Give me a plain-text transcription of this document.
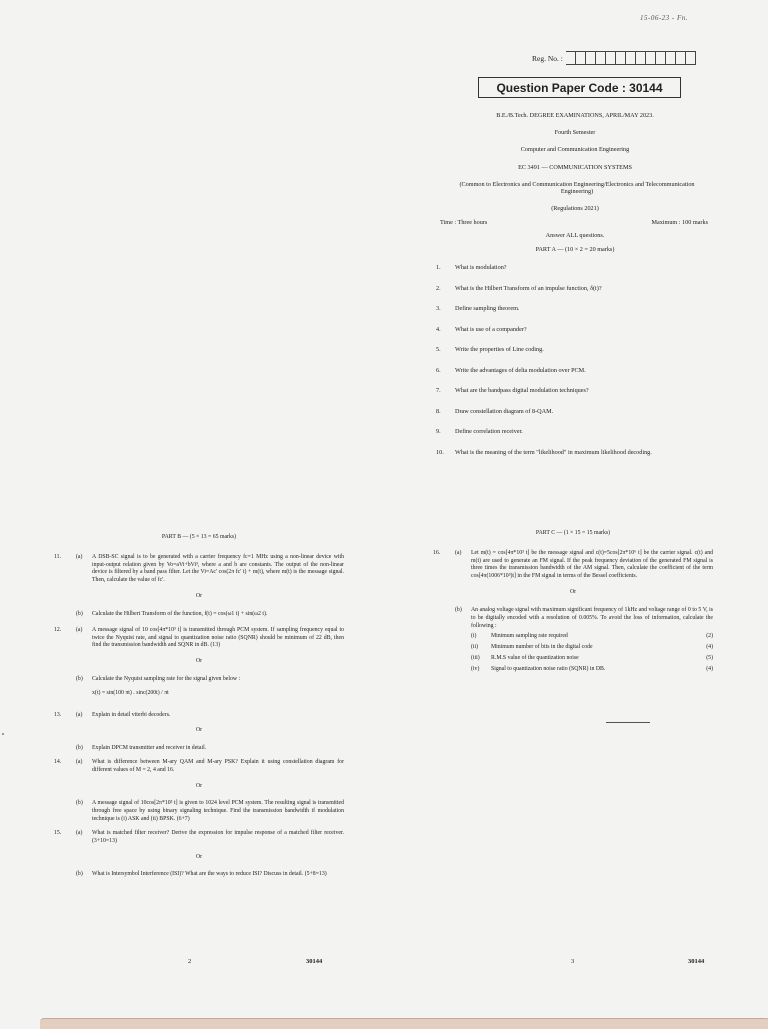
15-06-23 - Fn.
Reg. No. :
Question Paper Code : 30144
B.E./B.Tech. DEGREE EXAMINATIONS, APRIL/MAY 2023.
Fourth Semester
Computer and Communication Engineering
EC 3491 — COMMUNICATION SYSTEMS
(Common to Electronics and Communication Engineering/Electronics and Telecommunication Engineering)
(Regulations 2021)
Time : Three hours	Maximum : 100 marks
Answer ALL questions.
PART A — (10 × 2 = 20 marks)
1.	What is modulation?
2.	What is the Hilbert Transform of an impulse function, δ(t)?
3.	Define sampling theorem.
4.	What is use of a compander?
5.	Write the properties of Line coding.
6.	Write the advantages of delta modulation over PCM.
7.	What are the bandpass digital modulation techniques?
8.	Draw constellation diagram of 8-QAM.
9.	Define correlation receiver.
10.	What is the meaning of the term "likelihood" in maximum likelihood decoding.
PART B — (5 × 13 = 65 marks)
11.	(a)	A DSB-SC signal is to be generated with a carrier frequency fc=1 MHz using a non-linear device with input-output relation given by Vo=aVi+bVi³, where a and b are constants. The output of the non-linear device is filtered by a band pass filter. Let the Vi=Ac' cos(2π fc' t) + m(t), where m(t) is the message signal. Then, calculate the value of fc'.
Or
(b)	Calculate the Hilbert Transform of the function, f(t) = cos(ω1 t) + sin(ω2 t).
12.	(a)	A message signal of 10 cos[4π*10³ t] is transmitted through PCM system. If sampling frequency equal to twice the Nyquist rate, and signal to quantization noise ratio (SQNR) should be minimum of 22 dB, then find the transmission bandwidth and SQNR in dB. (13)
Or
(b)	Calculate the Nyquist sampling rate for the signal given below :
x(t) = sin(100 πt) . sinc(200t) / πt
13.	(a)	Explain in detail viterbi decoders.
Or
(b)	Explain DPCM transmitter and receiver in detail.
14.	(a)	What is difference between M-ary QAM and M-ary PSK? Explain it using constellation diagram for different values of M = 2, 4 and 16.
Or
(b)	A message signal of 10cos[2π*10³ t] is given to 1024 level PCM system. The resulting signal is transmitted through free space by using binary signaling technique. Find the transmission bandwidth if modulation technique is (i) ASK and (ii) BPSK. (6+7)
15.	(a)	What is matched filter receiver? Derive the expression for impulse response of a matched filter receiver. (3+10=13)
Or
(b)	What is Intersymbol Interference (ISI)? What are the ways to reduce ISI? Discuss in detail. (5+8=13)
PART C — (1 × 15 = 15 marks)
16.	(a)	Let m(t) = cos[4π*10³ t] be the message signal and c(t)=5cos[2π*10⁶ t] be the carrier signal. c(t) and m(t) are used to generate an FM signal. If the peak frequency deviation of the generated FM signal is three times the transmission bandwidth of the AM signal. Then, calculate the coefficient of the term cos[4π(1006*10³)t] in the FM signal in terms of the Bessel coefficients.
Or
(b)	An analog voltage signal with maximum significant frequency of 1kHz and voltage range of 0 to 5 V, is to be digitally encoded with a resolution of 0.005%. To avoid the loss of information, calculate the following :
(i)	Minimum sampling rate required	(2)
(ii)	Minimum number of bits in the digital code	(4)
(iii)	R.M.S value of the quantization noise	(5)
(iv)	Signal to quantization noise ratio (SQNR) in DB.	(4)
2	30144	3	30144
